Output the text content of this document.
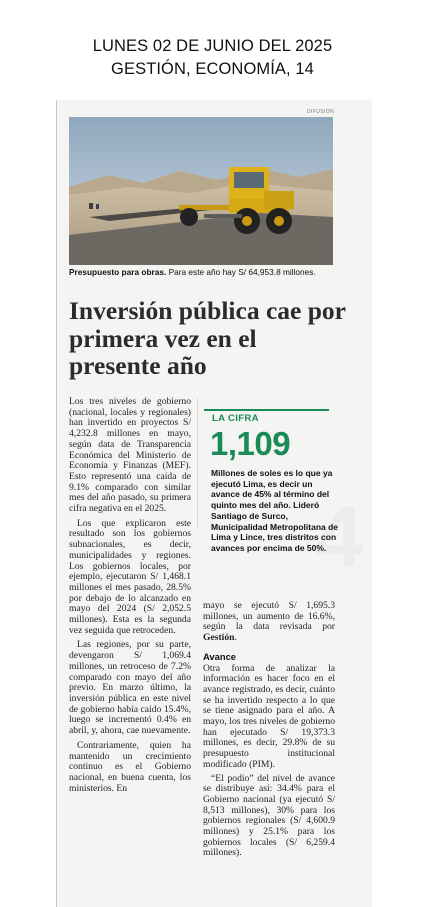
LUNES 02 DE JUNIO DEL 2025
GESTIÓN, ECONOMÍA, 14
DIFUSIÓN
Presupuesto para obras. Para este año hay S/ 64,953.8 millones.
Inversión pública cae por primera vez en el presente año

Los tres niveles de gobierno (nacional, locales y regionales) han invertido en proyectos S/ 4,232.8 millones en mayo, según data de Transparencia Económica del Ministerio de Economía y Finanzas (MEF). Esto representó una caída de 9.1% comparado con similar mes del año pasado, su primera cifra negativa en el 2025.

Los que explicaron este resultado son los gobiernos subnacionales, es decir, municipalidades y regiones. Los gobiernos locales, por ejemplo, ejecutaron S/ 1,468.1 millones el mes pasado, 28.5% por debajo de lo alcanzado en mayo del 2024 (S/ 2,052.5 millones). Esta es la segunda vez seguida que retroceden.

Las regiones, por su parte, devengaron S/ 1,069.4 millones, un retroceso de 7.2% comparado con mayo del año previo. En marzo último, la inversión pública en este nivel de gobierno había caído 15.4%, luego se incrementó 0.4% en abril, y, ahora, cae nuevamente.

Contrariamente, quien ha mantenido un crecimiento continuo es el Gobierno nacional, en buena cuenta, los ministerios. En

4
LA CIFRA
1,109
Millones de soles es lo que ya ejecutó Lima, es decir un avance de 45% al término del quinto mes del año. Lideró Santiago de Surco, Municipalidad Metropolitana de Lima y Lince, tres distritos con avances por encima de 50%.

mayo se ejecutó S/ 1,695.3 millones, un aumento de 16.6%, según la data revisada por Gestión.

Avance

Otra forma de analizar la información es hacer foco en el avance registrado, es decir, cuánto se ha invertido respecto a lo que se tiene asignado para el año. A mayo, los tres niveles de gobierno han ejecutado S/ 19,373.3 millones, es decir, 29.8% de su presupuesto institucional modificado (PIM).

“El podio” del nivel de avance se distribuye así: 34.4% para el Gobierno nacional (ya ejecutó S/ 8,513 millones), 30% para los gobiernos regionales (S/ 4,600.9 millones) y 25.1% para los gobiernos locales (S/ 6,259.4 millones).
